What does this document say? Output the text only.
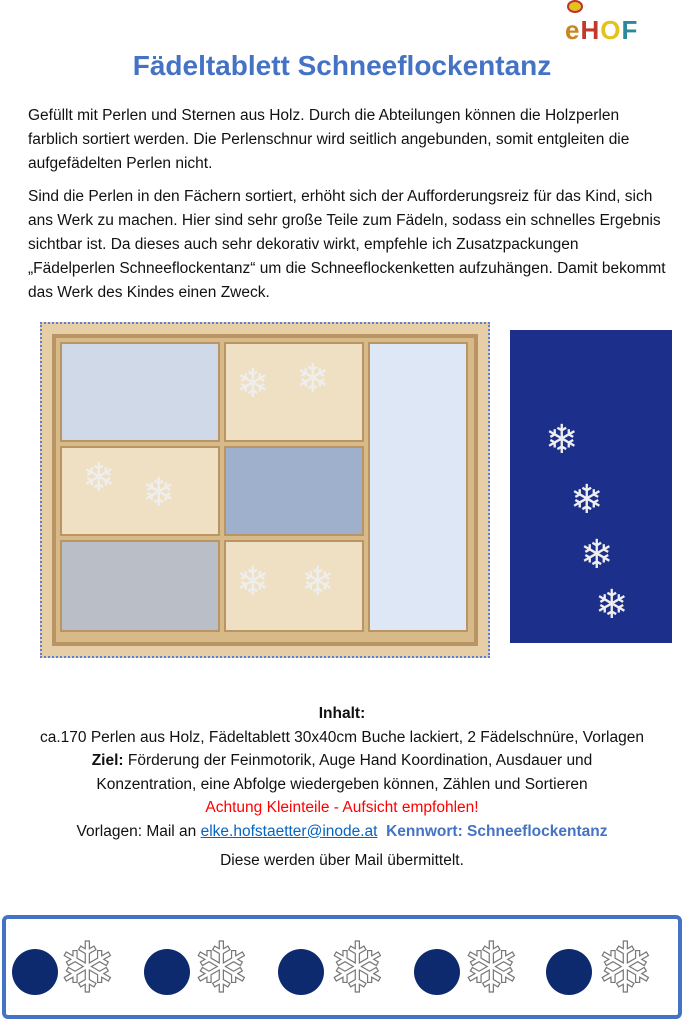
eHOF
Fädeltablett Schneeflockentanz

Gefüllt mit Perlen und Sternen aus Holz. Durch die Abteilungen können die Holzperlen farblich sortiert werden. Die Perlenschnur wird seitlich angebunden, somit entgleiten die aufgefädelten Perlen nicht.

Sind die Perlen in den Fächern sortiert, erhöht sich der Aufforderungsreiz für das Kind, sich ans Werk zu machen. Hier sind sehr große Teile zum Fädeln, sodass ein schnelles Ergebnis sichtbar ist. Da dieses auch sehr dekorativ wirkt, empfehle ich Zusatzpackungen „Fädelperlen Schneeflockentanz“ um die Schneeflockenketten aufzuhängen. Damit bekommt das Werk des Kindes einen Zweck.

❄ ❄
❄ ❄
❄ ❄
❄
❄
❄
❄
Inhalt:
ca.170 Perlen aus Holz, Fädeltablett 30x40cm Buche lackiert, 2 Fädelschnüre, Vorlagen
Ziel: Förderung der Feinmotorik, Auge Hand Koordination, Ausdauer und Konzentration, eine Abfolge wiedergeben können, Zählen und Sortieren
Achtung Kleinteile - Aufsicht empfohlen!
Vorlagen: Mail an elke.hofstaetter@inode.at Kennwort: Schneeflockentanz
Diese werden über Mail übermittelt.
❄ ❄ ❄ ❄ ❄
